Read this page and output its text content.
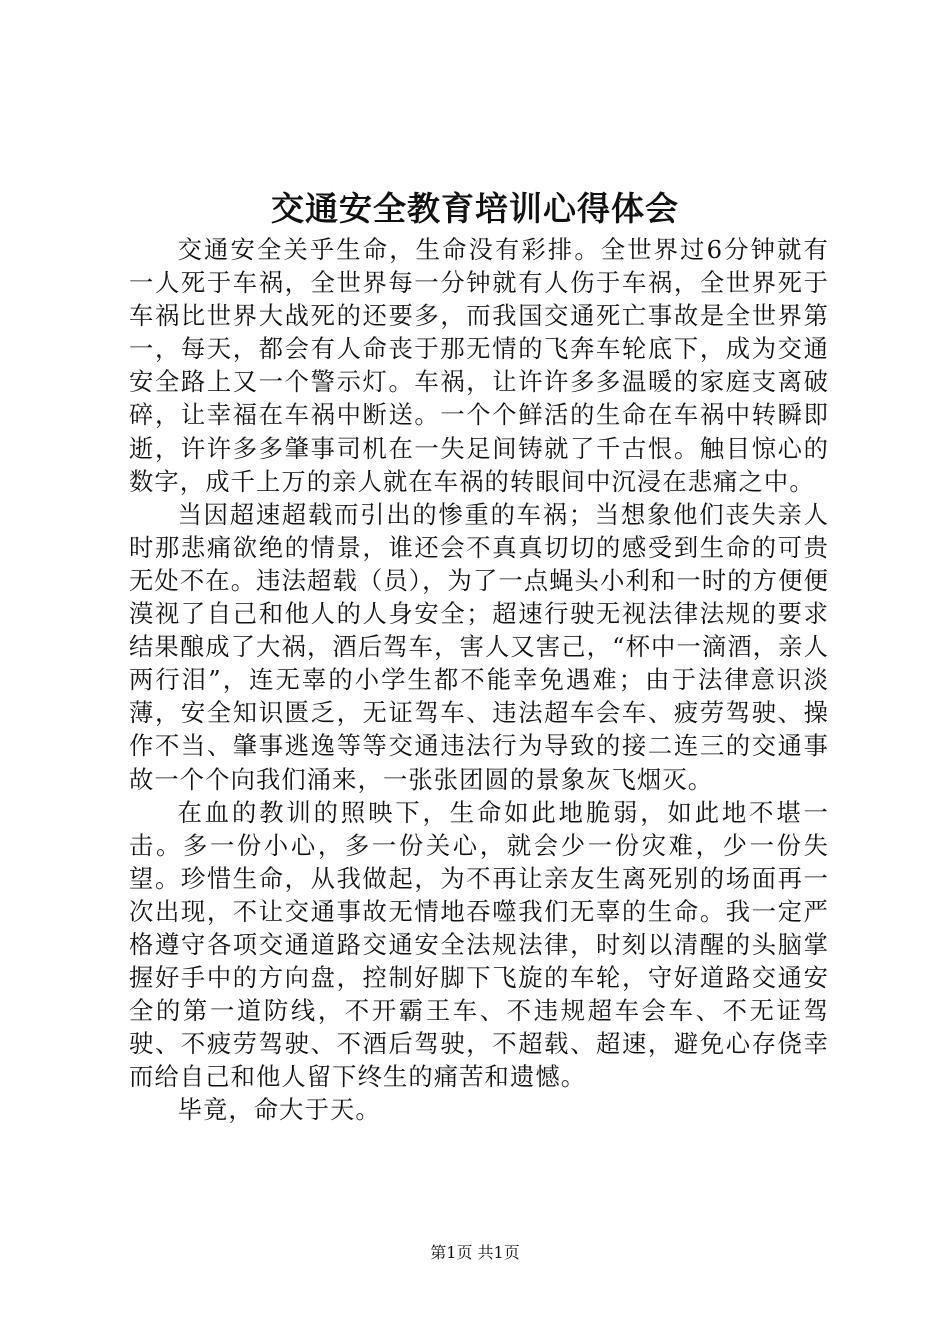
交通安全教育培训心得体会

交通安全关乎生命，生命没有彩排。全世界过6分钟就有一人死于车祸，全世界每一分钟就有人伤于车祸，全世界死于车祸比世界大战死的还要多，而我国交通死亡事故是全世界第一，每天，都会有人命丧于那无情的飞奔车轮底下，成为交通安全路上又一个警示灯。车祸，让许许多多温暖的家庭支离破碎，让幸福在车祸中断送。一个个鲜活的生命在车祸中转瞬即逝，许许多多肇事司机在一失足间铸就了千古恨。触目惊心的数字，成千上万的亲人就在车祸的转眼间中沉浸在悲痛之中。

当因超速超载而引出的惨重的车祸；当想象他们丧失亲人时那悲痛欲绝的情景，谁还会不真真切切的感受到生命的可贵无处不在。违法超载（员），为了一点蝇头小利和一时的方便便漠视了自己和他人的人身安全；超速行驶无视法律法规的要求结果酿成了大祸，酒后驾车，害人又害己，“杯中一滴酒，亲人两行泪”，连无辜的小学生都不能幸免遇难；由于法律意识淡薄，安全知识匮乏，无证驾车、违法超车会车、疲劳驾驶、操作不当、肇事逃逸等等交通违法行为导致的接二连三的交通事故一个个向我们涌来，一张张团圆的景象灰飞烟灭。

在血的教训的照映下，生命如此地脆弱，如此地不堪一击。多一份小心，多一份关心，就会少一份灾难，少一份失望。珍惜生命，从我做起，为不再让亲友生离死别的场面再一次出现，不让交通事故无情地吞噬我们无辜的生命。我一定严格遵守各项交通道路交通安全法规法律，时刻以清醒的头脑掌握好手中的方向盘，控制好脚下飞旋的车轮，守好道路交通安全的第一道防线，不开霸王车、不违规超车会车、不无证驾驶、不疲劳驾驶、不酒后驾驶，不超载、超速，避免心存侥幸而给自己和他人留下终生的痛苦和遗憾。

毕竟，命大于天。

第1页 共1页
